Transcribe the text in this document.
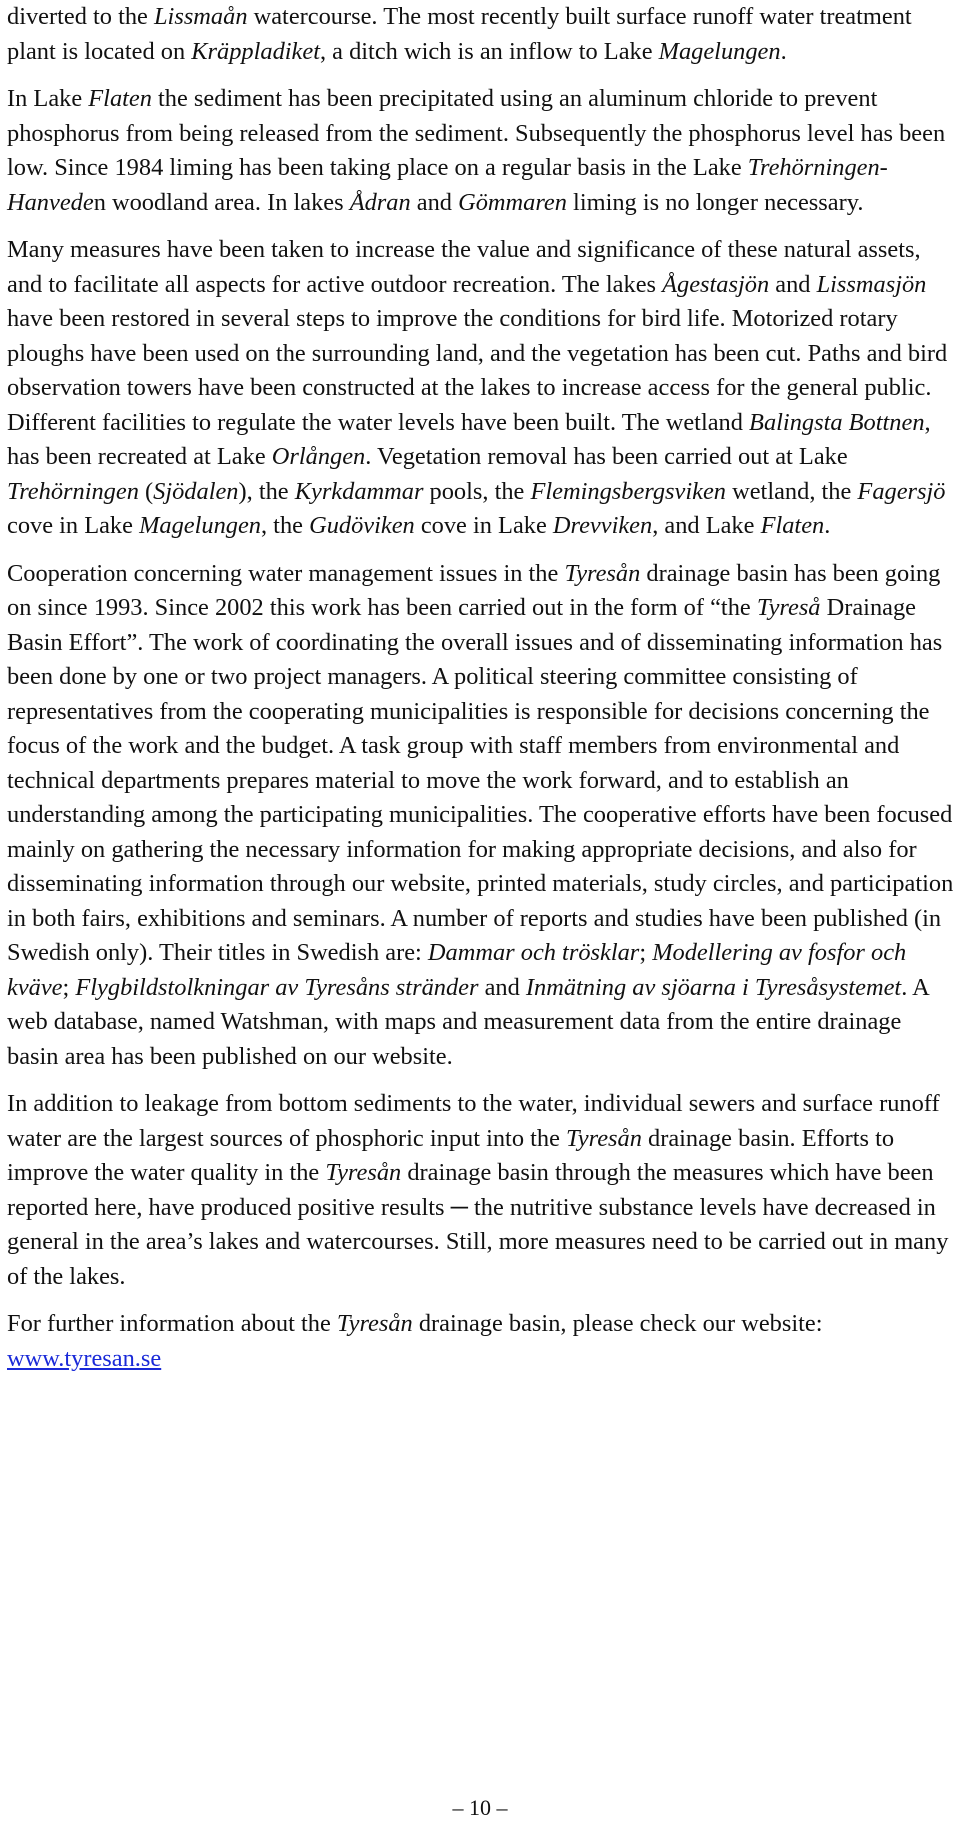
diverted to the Lissmaån watercourse. The most recently built surface runoff water treatment plant is located on Kräppladiket, a ditch wich is an inflow to Lake Magelungen.

In Lake Flaten the sediment has been precipitated using an aluminum chloride to prevent phosphorus from being released from the sediment. Subsequently the phosphorus level has been low. Since 1984 liming has been taking place on a regular basis in the Lake Trehörningen- Hanveden woodland area. In lakes Ådran and Gömmaren liming is no longer necessary.

Many measures have been taken to increase the value and significance of these natural assets, and to facilitate all aspects for active outdoor recreation. The lakes Ågestasjön and Lissmasjön have been restored in several steps to improve the conditions for bird life. Motorized rotary ploughs have been used on the surrounding land, and the vegetation has been cut. Paths and bird observation towers have been constructed at the lakes to increase access for the general public. Different facilities to regulate the water levels have been built. The wetland Balingsta Bottnen, has been recreated at Lake Orlången. Vegetation removal has been carried out at Lake Trehörningen (Sjödalen), the Kyrkdammar pools, the Flemingsbergsviken wetland, the Fagersjö cove in Lake Magelungen, the Gudöviken cove in Lake Drevviken, and Lake Flaten.

Cooperation concerning water management issues in the Tyresån drainage basin has been going on since 1993. Since 2002 this work has been carried out in the form of “the Tyreså Drainage Basin Effort”. The work of coordinating the overall issues and of disseminating information has been done by one or two project managers. A political steering committee consisting of representatives from the cooperating municipalities is responsible for decisions concerning the focus of the work and the budget. A task group with staff members from environmental and technical departments prepares material to move the work forward, and to establish an understanding among the participating municipalities. The cooperative efforts have been focused mainly on gathering the necessary information for making appropriate decisions, and also for disseminating information through our website, printed materials, study circles, and participation in both fairs, exhibitions and seminars. A number of reports and studies have been published (in Swedish only). Their titles in Swedish are: Dammar och trösklar; Modellering av fosfor och kväve; Flygbildstolkningar av Tyresåns stränder and Inmätning av sjöarna i Tyresåsystemet. A web database, named Watshman, with maps and measurement data from the entire drainage basin area has been published on our website.

In addition to leakage from bottom sediments to the water, individual sewers and surface runoff water are the largest sources of phosphoric input into the Tyresån drainage basin. Efforts to improve the water quality in the Tyresån drainage basin through the measures which have been reported here, have produced positive results ─ the nutritive substance levels have decreased in general in the area’s lakes and watercourses. Still, more measures need to be carried out in many of the lakes.

For further information about the Tyresån drainage basin, please check our website: www.tyresan.se

– 10 –
